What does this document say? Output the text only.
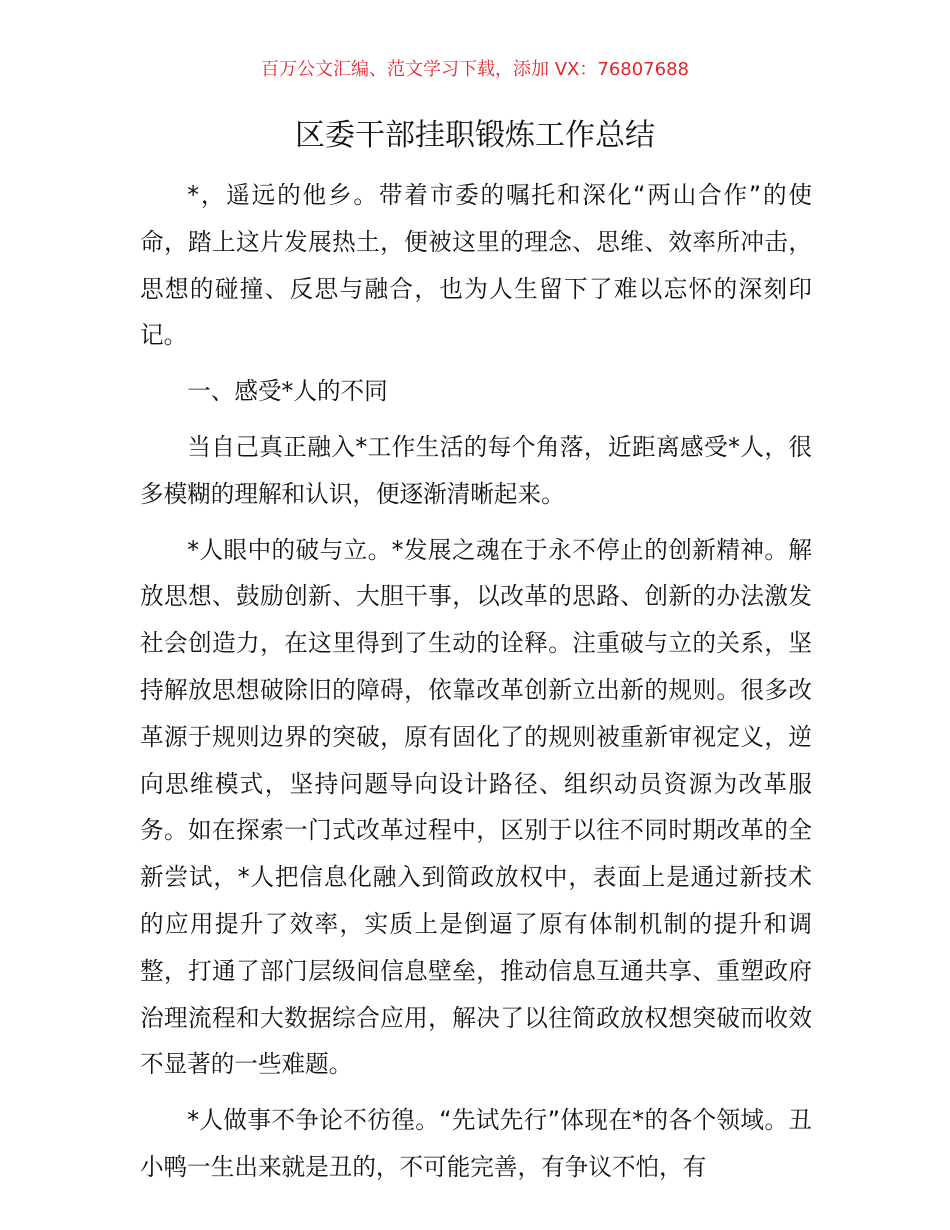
百万公文汇编、范文学习下载，添加 VX：76807688
区委干部挂职锻炼工作总结

*，遥远的他乡。带着市委的嘱托和深化“两山合作”的使命，踏上这片发展热土，便被这里的理念、思维、效率所冲击，思想的碰撞、反思与融合，也为人生留下了难以忘怀的深刻印记。

一、感受*人的不同

当自己真正融入*工作生活的每个角落，近距离感受*人，很多模糊的理解和认识，便逐渐清晰起来。

*人眼中的破与立。*发展之魂在于永不停止的创新精神。解放思想、鼓励创新、大胆干事，以改革的思路、创新的办法激发社会创造力，在这里得到了生动的诠释。注重破与立的关系，坚持解放思想破除旧的障碍，依靠改革创新立出新的规则。很多改革源于规则边界的突破，原有固化了的规则被重新审视定义，逆向思维模式，坚持问题导向设计路径、组织动员资源为改革服务。如在探索一门式改革过程中，区别于以往不同时期改革的全新尝试，*人把信息化融入到简政放权中，表面上是通过新技术的应用提升了效率，实质上是倒逼了原有体制机制的提升和调整，打通了部门层级间信息壁垒，推动信息互通共享、重塑政府治理流程和大数据综合应用，解决了以往简政放权想突破而收效不显著的一些难题。

*人做事不争论不彷徨。“先试先行”体现在*的各个领域。丑小鸭一生出来就是丑的，不可能完善，有争议不怕，有
